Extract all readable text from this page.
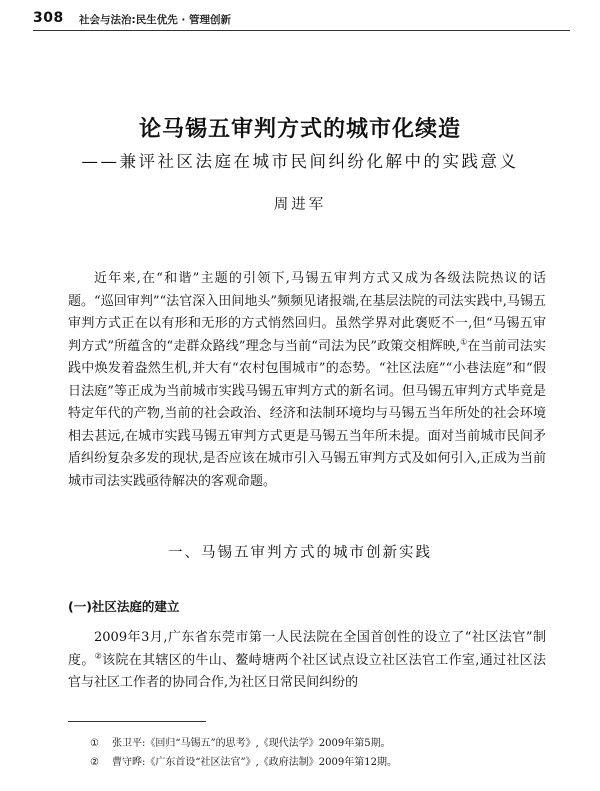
308 社会与法治:民生优先 · 管理创新
论马锡五审判方式的城市化续造
——兼评社区法庭在城市民间纠纷化解中的实践意义
周进军

近年来,在“和谐”主题的引领下,马锡五审判方式又成为各级法院热议的话题。“巡回审判”“法官深入田间地头”频频见诸报端,在基层法院的司法实践中,马锡五审判方式正在以有形和无形的方式悄然回归。虽然学界对此褒贬不一,但“马锡五审判方式”所蕴含的“走群众路线”理念与当前“司法为民”政策交相辉映,①在当前司法实践中焕发着盎然生机,并大有“农村包围城市”的态势。“社区法庭”“小巷法庭”和“假日法庭”等正成为当前城市实践马锡五审判方式的新名词。但马锡五审判方式毕竟是特定年代的产物,当前的社会政治、经济和法制环境均与马锡五当年所处的社会环境相去甚远,在城市实践马锡五审判方式更是马锡五当年所未提。面对当前城市民间矛盾纠纷复杂多发的现状,是否应该在城市引入马锡五审判方式及如何引入,正成为当前城市司法实践亟待解决的客观命题。

一、马锡五审判方式的城市创新实践
(一)社区法庭的建立

2009年3月,广东省东莞市第一人民法院在全国首创性的设立了“社区法官”制度。②该院在其辖区的牛山、鳌峙塘两个社区试点设立社区法官工作室,通过社区法官与社区工作者的协同合作,为社区日常民间纠纷的

① 张卫平:《回归“马锡五”的思考》,《现代法学》2009年第5期。
② 曹守晔:《广东首设“社区法官”》,《政府法制》2009年第12期。
